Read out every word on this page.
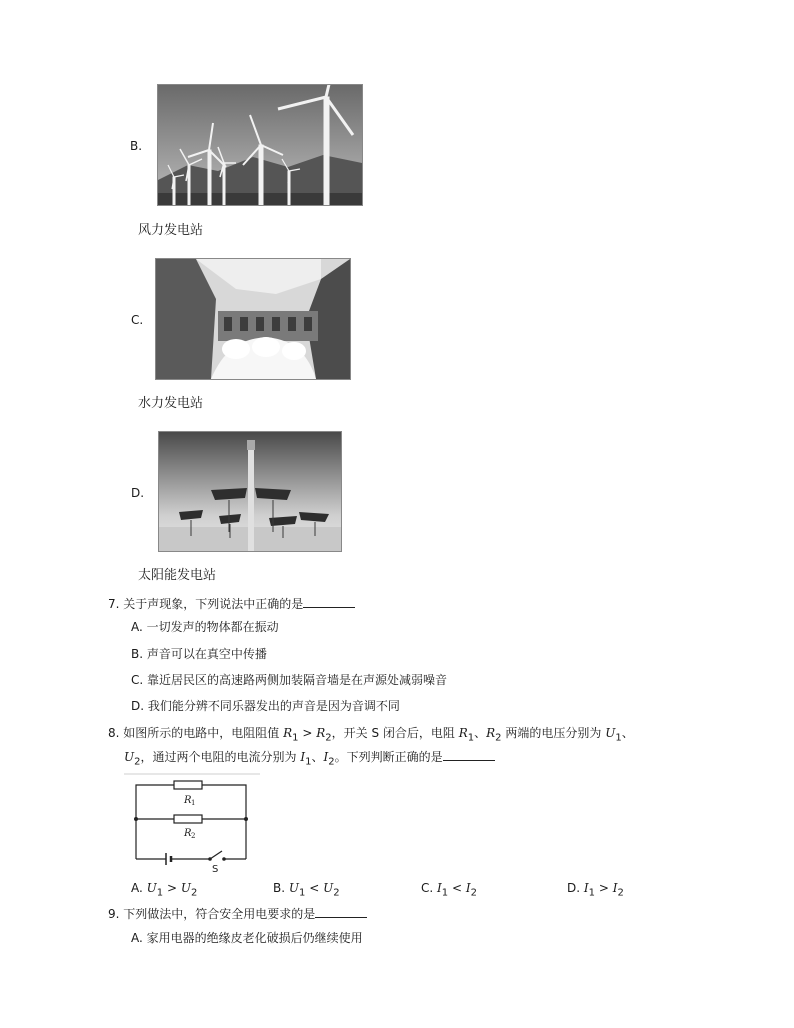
B.
风力发电站
C.
水力发电站
D.
太阳能发电站
7. 关于声现象，下列说法中正确的是
A. 一切发声的物体都在振动
B. 声音可以在真空中传播
C. 靠近居民区的高速路两侧加装隔音墙是在声源处减弱噪音
D. 我们能分辨不同乐器发出的声音是因为音调不同
8. 如图所示的电路中，电阻阻值 $R_1 > R_2$，开关 S 闭合后，电阻 $R_1$、$R_2$ 两端的电压分别为 $U_1$、
$U_2$，通过两个电阻的电流分别为 $I_1$、$I_2$。下列判断正确的是
R 1
R 2
S
A. $U_1 > U_2$	B. $U_1 < U_2$	C. $I_1 < I_2$	D. $I_1 > I_2$
9. 下列做法中，符合安全用电要求的是
A. 家用电器的绝缘皮老化破损后仍继续使用
